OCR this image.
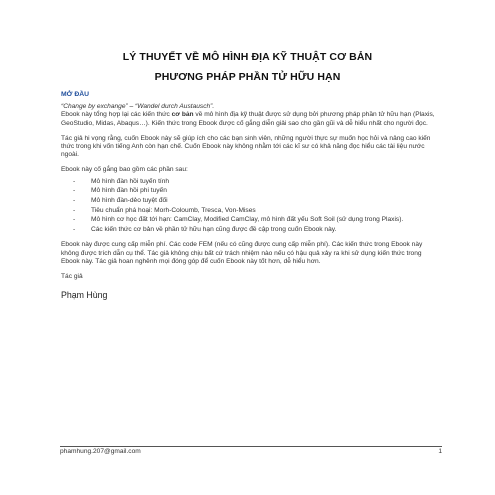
LÝ THUYẾT VỀ MÔ HÌNH ĐỊA KỸ THUẬT CƠ BẢN
PHƯƠNG PHÁP PHẦN TỬ HỮU HẠN

MỞ ĐẦU

“Change by exchange” – “Wandel durch Austausch”.

Ebook này tổng hợp lại các kiến thức cơ bản về mô hình địa kỹ thuật được sử dụng bởi phương pháp phần tử hữu hạn (Plaxis, GeoStudio, Midas, Abaqus…). Kiến thức trong Ebook được cố gắng diễn giải sao cho gần gũi và dễ hiểu nhất cho người đọc.

Tác giả hi vọng rằng, cuốn Ebook này sẽ giúp ích cho các bạn sinh viên, những người thực sự muốn học hỏi và nâng cao kiến thức trong khi vốn tiếng Anh còn hạn chế. Cuốn Ebook này không nhằm tới các kĩ sư có khả năng đọc hiểu các tài liệu nước ngoài.

Ebook này cố gắng bao gồm các phần sau:

- Mô hình đàn hồi tuyến tính
- Mô hình đàn hồi phi tuyến
- Mô hình đàn-dẻo tuyệt đối
- Tiêu chuẩn phá hoại: Morh-Coloumb, Tresca, Von-Mises
- Mô hình cơ học đất tới hạn: CamClay, Modified CamClay, mô hình đất yếu Soft Soil (sử dụng trong Plaxis).
- Các kiến thức cơ bản về phần tử hữu hạn cũng được đề cập trong cuốn Ebook này.

Ebook này được cung cấp miễn phí. Các code FEM (nếu có cũng được cung cấp miễn phí). Các kiến thức trong Ebook này không được trích dẫn cụ thể. Tác giả không chịu bất cứ trách nhiệm nào nếu có hậu quả xảy ra khi sử dụng kiến thức trong Ebook này. Tác giả hoan nghênh mọi đóng góp để cuốn Ebook này tốt hơn, dễ hiểu hơn.

Tác giả

Phạm Hùng

phamhung.207@gmail.com	1
